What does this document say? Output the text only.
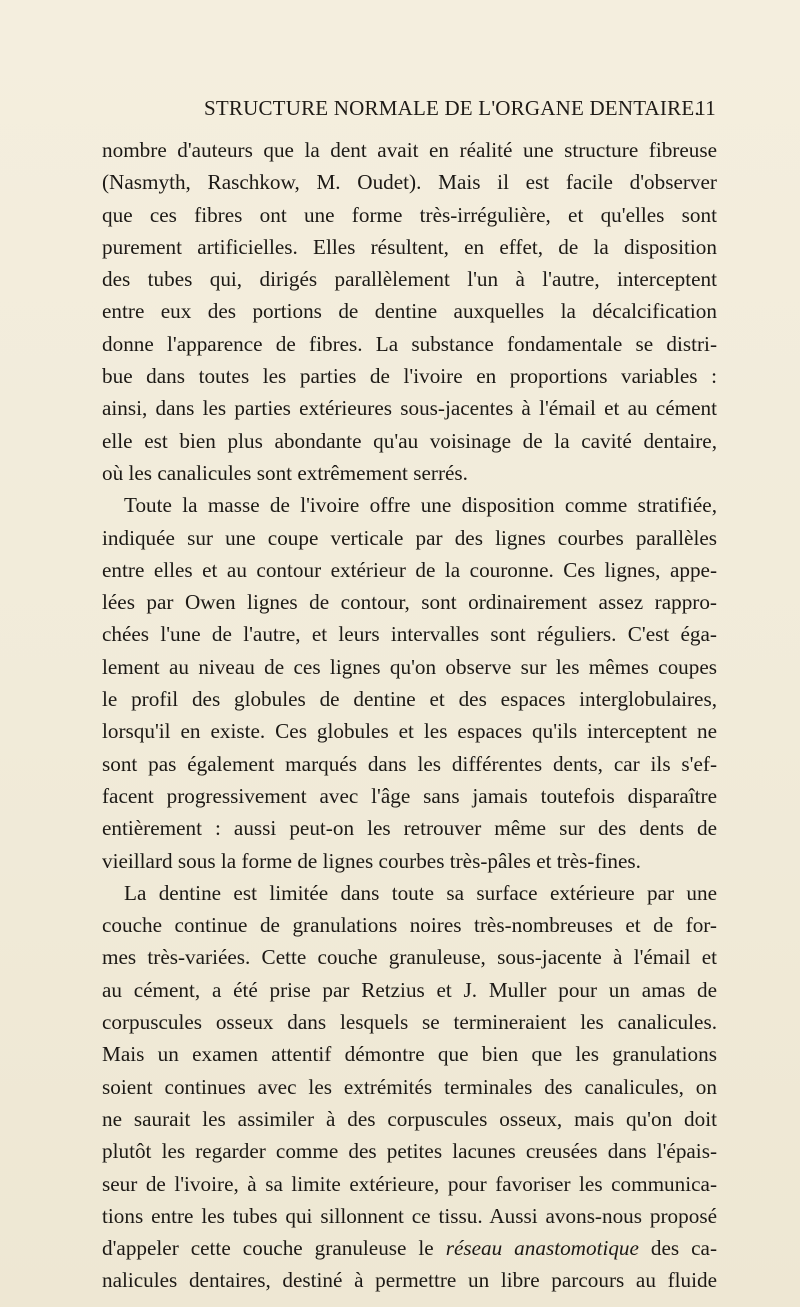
STRUCTURE NORMALE DE L'ORGANE DENTAIRE.
11
nombre d'auteurs que la dent avait en réalité une structure fibreuse
(Nasmyth, Raschkow, M. Oudet). Mais il est facile d'observer
que ces fibres ont une forme très-irrégulière, et qu'elles sont
purement artificielles. Elles résultent, en effet, de la disposition
des tubes qui, dirigés parallèlement l'un à l'autre, interceptent
entre eux des portions de dentine auxquelles la décalcification
donne l'apparence de fibres. La substance fondamentale se distri-
bue dans toutes les parties de l'ivoire en proportions variables :
ainsi, dans les parties extérieures sous-jacentes à l'émail et au cément
elle est bien plus abondante qu'au voisinage de la cavité dentaire,
où les canalicules sont extrêmement serrés.
Toute la masse de l'ivoire offre une disposition comme stratifiée,
indiquée sur une coupe verticale par des lignes courbes parallèles
entre elles et au contour extérieur de la couronne. Ces lignes, appe-
lées par Owen lignes de contour, sont ordinairement assez rappro-
chées l'une de l'autre, et leurs intervalles sont réguliers. C'est éga-
lement au niveau de ces lignes qu'on observe sur les mêmes coupes
le profil des globules de dentine et des espaces interglobulaires,
lorsqu'il en existe. Ces globules et les espaces qu'ils interceptent ne
sont pas également marqués dans les différentes dents, car ils s'ef-
facent progressivement avec l'âge sans jamais toutefois disparaître
entièrement : aussi peut-on les retrouver même sur des dents de
vieillard sous la forme de lignes courbes très-pâles et très-fines.
La dentine est limitée dans toute sa surface extérieure par une
couche continue de granulations noires très-nombreuses et de for-
mes très-variées. Cette couche granuleuse, sous-jacente à l'émail et
au cément, a été prise par Retzius et J. Muller pour un amas de
corpuscules osseux dans lesquels se termineraient les canalicules.
Mais un examen attentif démontre que bien que les granulations
soient continues avec les extrémités terminales des canalicules, on
ne saurait les assimiler à des corpuscules osseux, mais qu'on doit
plutôt les regarder comme des petites lacunes creusées dans l'épais-
seur de l'ivoire, à sa limite extérieure, pour favoriser les communica-
tions entre les tubes qui sillonnent ce tissu. Aussi avons-nous proposé
d'appeler cette couche granuleuse le réseau anastomotique des ca-
nalicules dentaires, destiné à permettre un libre parcours au fluide
